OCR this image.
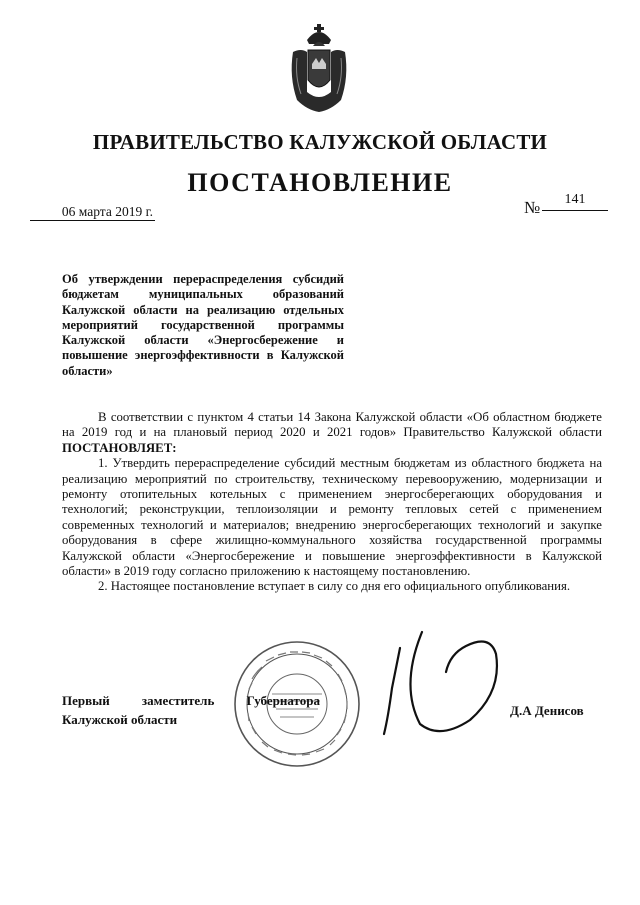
ПРАВИТЕЛЬСТВО КАЛУЖСКОЙ ОБЛАСТИ
ПОСТАНОВЛЕНИЕ
06 марта 2019 г.	№	141
Об утверждении перераспределения субсидий бюджетам муниципальных образований Калужской области на реализацию отдельных мероприятий государственной программы Калужской области «Энергосбережение и повышение энергоэффективности в Калужской области»

В соответствии с пунктом 4 статьи 14 Закона Калужской области «Об областном бюджете на 2019 год и на плановый период 2020 и 2021 годов» Правительство Калужской области ПОСТАНОВЛЯЕТ:

1. Утвердить перераспределение субсидий местным бюджетам из областного бюджета на реализацию мероприятий по строительству, техническому перевооружению, модернизации и ремонту отопительных котельных с применением энергосберегающих оборудования и технологий; реконструкции, теплоизоляции и ремонту тепловых сетей с применением современных технологий и материалов; внедрению энергосберегающих технологий и закупке оборудования в сфере жилищно-коммунального хозяйства государственной программы Калужской области «Энергосбережение и повышение энергоэффективности в Калужской области» в 2019 году согласно приложению к настоящему постановлению.

2. Настоящее постановление вступает в силу со дня его официального опубликования.

Первый заместитель Губернатора
Калужской области
Д.А Денисов
